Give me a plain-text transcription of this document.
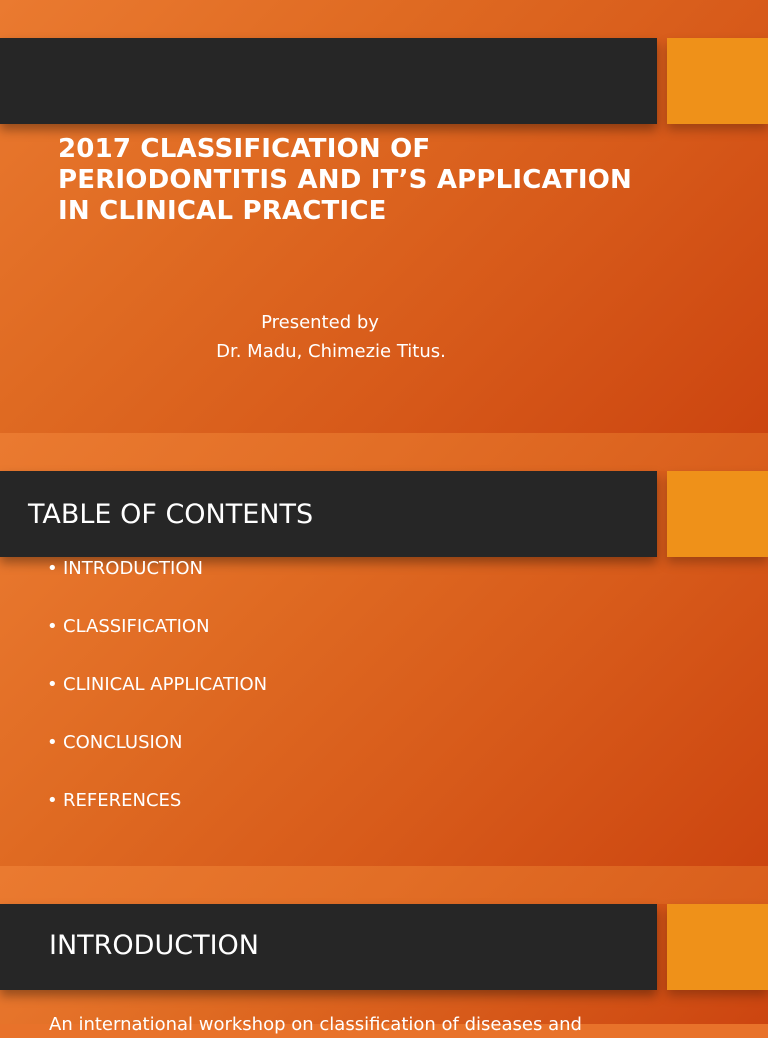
2017 CLASSIFICATION OF PERIODONTITIS AND IT’S APPLICATION IN CLINICAL PRACTICE
Presented by
Dr. Madu, Chimezie Titus.
TABLE OF CONTENTS
• INTRODUCTION
• CLASSIFICATION
• CLINICAL APPLICATION
• CONCLUSION
• REFERENCES
INTRODUCTION
An international workshop on classification of diseases and
